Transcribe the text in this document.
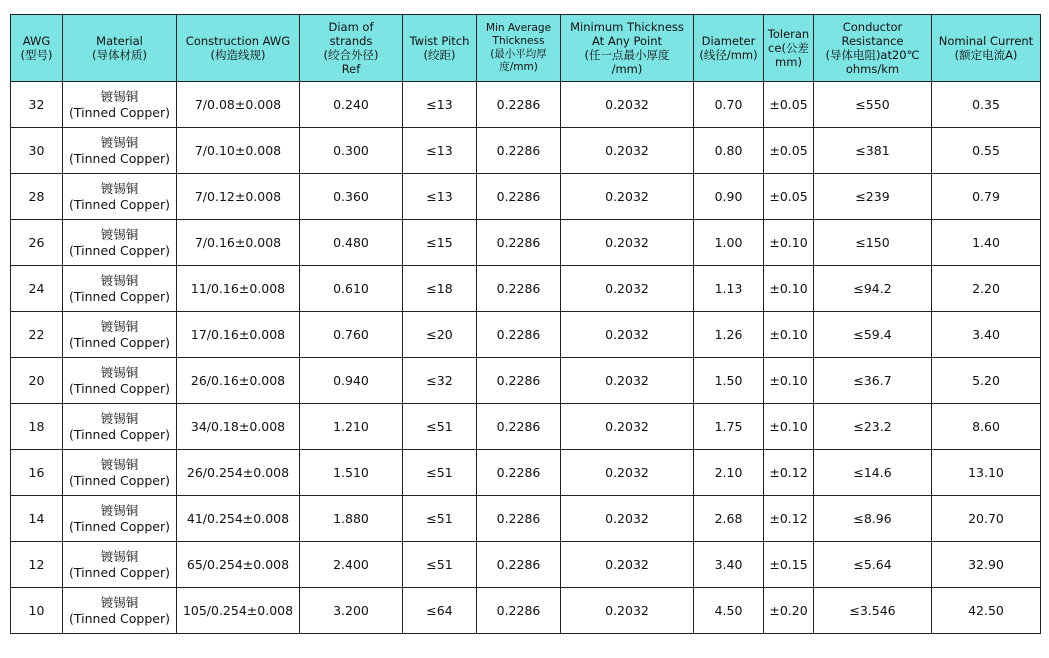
AWG
(型号)	Material
(导体材质)	Construction AWG
(构造线规)	Diam of
strands
(绞合外径)
Ref	Twist Pitch
(绞距)	Min Average
Thickness
(最小平均厚
度/mm)	Minimum Thickness
At Any Point
(任一点最小厚度
/mm)	Diameter
(线径/mm)	Toleran
ce(公差
mm)	Conductor
Resistance
(导体电阻)at20℃
ohms/km	Nominal Current
(额定电流A)
32	镀锡铜
(Tinned Copper)	7/0.08±0.008	0.240	≤13	0.2286	0.2032	0.70	±0.05	≤550	0.35
30	镀锡铜
(Tinned Copper)	7/0.10±0.008	0.300	≤13	0.2286	0.2032	0.80	±0.05	≤381	0.55
28	镀锡铜
(Tinned Copper)	7/0.12±0.008	0.360	≤13	0.2286	0.2032	0.90	±0.05	≤239	0.79
26	镀锡铜
(Tinned Copper)	7/0.16±0.008	0.480	≤15	0.2286	0.2032	1.00	±0.10	≤150	1.40
24	镀锡铜
(Tinned Copper)	11/0.16±0.008	0.610	≤18	0.2286	0.2032	1.13	±0.10	≤94.2	2.20
22	镀锡铜
(Tinned Copper)	17/0.16±0.008	0.760	≤20	0.2286	0.2032	1.26	±0.10	≤59.4	3.40
20	镀锡铜
(Tinned Copper)	26/0.16±0.008	0.940	≤32	0.2286	0.2032	1.50	±0.10	≤36.7	5.20
18	镀锡铜
(Tinned Copper)	34/0.18±0.008	1.210	≤51	0.2286	0.2032	1.75	±0.10	≤23.2	8.60
16	镀锡铜
(Tinned Copper)	26/0.254±0.008	1.510	≤51	0.2286	0.2032	2.10	±0.12	≤14.6	13.10
14	镀锡铜
(Tinned Copper)	41/0.254±0.008	1.880	≤51	0.2286	0.2032	2.68	±0.12	≤8.96	20.70
12	镀锡铜
(Tinned Copper)	65/0.254±0.008	2.400	≤51	0.2286	0.2032	3.40	±0.15	≤5.64	32.90
10	镀锡铜
(Tinned Copper)	105/0.254±0.008	3.200	≤64	0.2286	0.2032	4.50	±0.20	≤3.546	42.50
